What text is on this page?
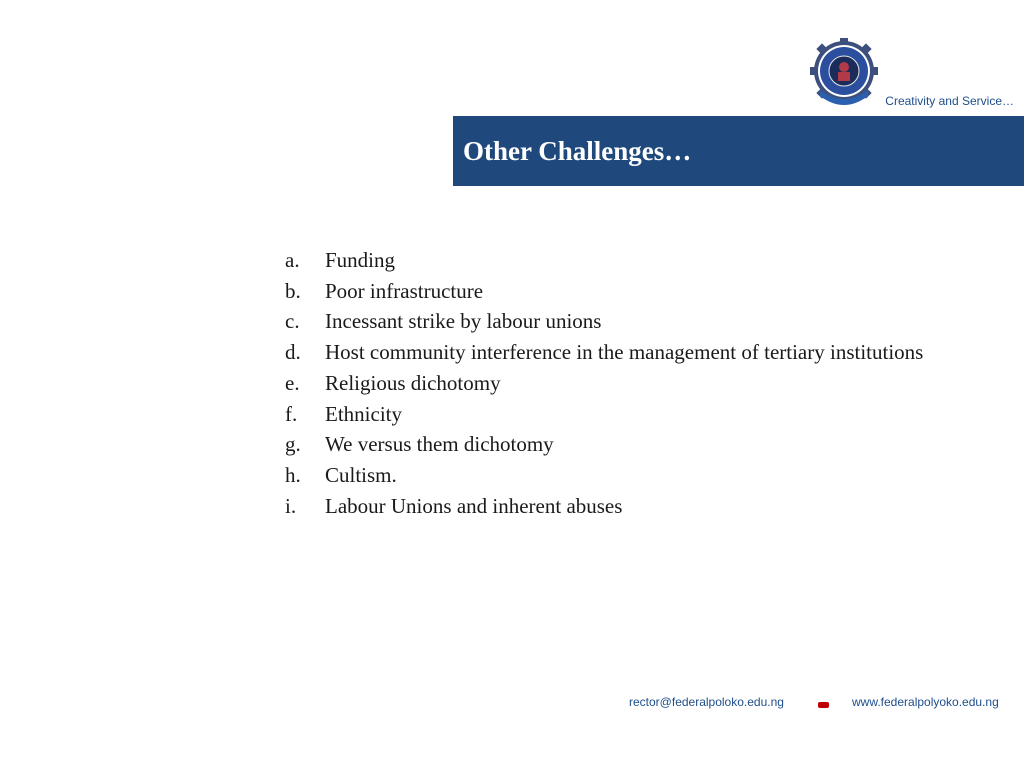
Creativity and Service…
Other Challenges…
a. Funding
b. Poor infrastructure
c. Incessant strike by labour unions
d. Host community interference in the management of tertiary institutions
e. Religious dichotomy
f. Ethnicity
g. We versus them dichotomy
h. Cultism.
i. Labour Unions and inherent abuses
rector@federalpoloko.edu.ng	www.federalpolyoko.edu.ng
